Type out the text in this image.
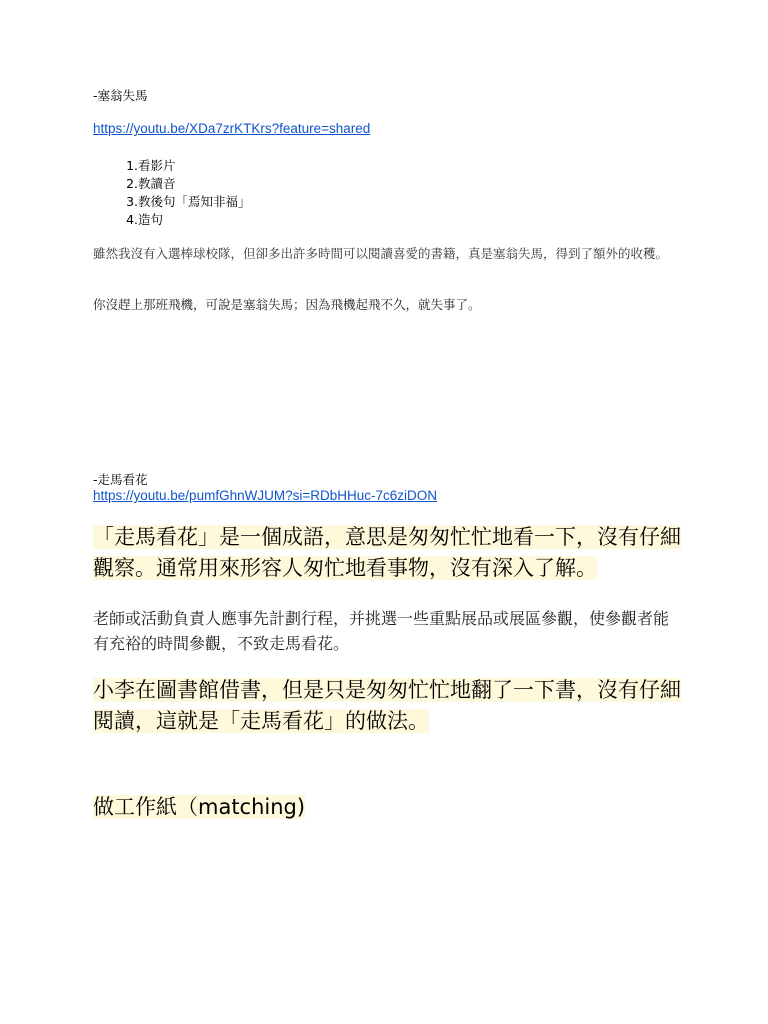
-塞翁失馬
https://youtu.be/XDa7zrKTKrs?feature=shared
1.看影片
2.教讀音
3.教後句「焉知非福」
4.造句
雖然我沒有入選棒球校隊，但卻多出許多時間可以閱讀喜愛的書籍，真是塞翁失馬，得到了額外的收穫。
你沒趕上那班飛機，可說是塞翁失馬；因為飛機起飛不久，就失事了。
-走馬看花
https://youtu.be/pumfGhnWJUM?si=RDbHHuc-7c6ziDON
「走馬看花」是一個成語，意思是匆匆忙忙地看一下，沒有仔細觀察。通常用來形容人匆忙地看事物，沒有深入了解。
老師或活動負責人應事先計劃行程，并挑選一些重點展品或展區參觀，使參觀者能有充裕的時間參觀，不致走馬看花。
小李在圖書館借書，但是只是匆匆忙忙地翻了一下書，沒有仔細閱讀，這就是「走馬看花」的做法。
做工作紙（matching)
